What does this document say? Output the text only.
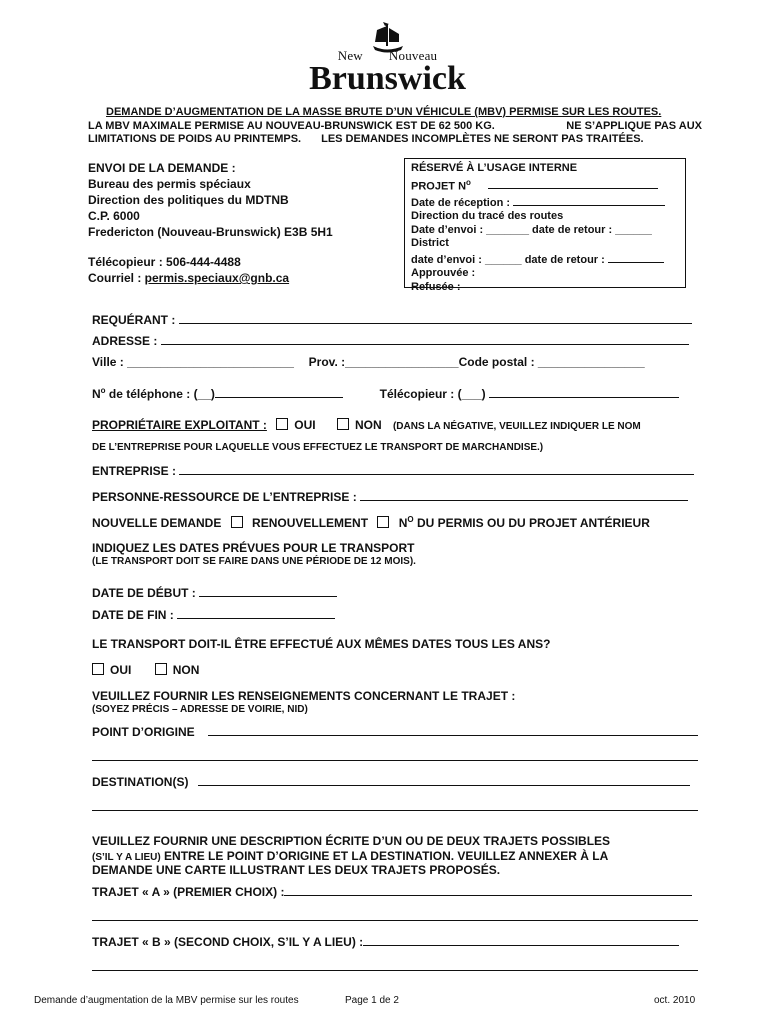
New Nouveau
Brunswick
DEMANDE D’AUGMENTATION DE LA MASSE BRUTE D’UN VÉHICULE (MBV) PERMISE SUR LES ROUTES.
LA MBV MAXIMALE PERMISE AU NOUVEAU-BRUNSWICK EST DE 62 500 KG.	NE S’APPLIQUE PAS AUX
LIMITATIONS DE POIDS AU PRINTEMPS. LES DEMANDES INCOMPLÈTES NE SERONT PAS TRAITÉES.
ENVOI DE LA DEMANDE :
Bureau des permis spéciaux
Direction des politiques du MDTNB
C.P. 6000
Fredericton (Nouveau-Brunswick) E3B 5H1
Télécopieur : 506-444-4488
Courriel : permis.speciaux@gnb.ca
RÉSERVÉ À L’USAGE INTERNE
PROJET $N^o$
Date de réception :
Direction du tracé des routes
Date d’envoi : _______ date de retour : ______
District
date d’envoi : ______ date de retour :
Approuvée :
Refusée :
REQUÉRANT :
ADRESSE :
Ville : _________________________ Prov. :_________________Code postal : ________________
$N^o$ de téléphone : (__)	Télécopieur : (___)
PROPRIÉTAIRE EXPLOITANT : OUI	NON (DANS LA NÉGATIVE, VEUILLEZ INDIQUER LE NOM
DE L’ENTREPRISE POUR LAQUELLE VOUS EFFECTUEZ LE TRANSPORT DE MARCHANDISE.)
ENTREPRISE :
PERSONNE-RESSOURCE DE L’ENTREPRISE :
NOUVELLE DEMANDE	RENOUVELLEMENT	$N^O$ DU PERMIS OU DU PROJET ANTÉRIEUR
INDIQUEZ LES DATES PRÉVUES POUR LE TRANSPORT
(LE TRANSPORT DOIT SE FAIRE DANS UNE PÉRIODE DE 12 MOIS).
DATE DE DÉBUT :
DATE DE FIN :
LE TRANSPORT DOIT-IL ÊTRE EFFECTUÉ AUX MÊMES DATES TOUS LES ANS?
OUI	NON
VEUILLEZ FOURNIR LES RENSEIGNEMENTS CONCERNANT LE TRAJET :
(SOYEZ PRÉCIS – ADRESSE DE VOIRIE, NID)
POINT D’ORIGINE
DESTINATION(S)
VEUILLEZ FOURNIR UNE DESCRIPTION ÉCRITE D’UN OU DE DEUX TRAJETS POSSIBLES
(S’IL Y A LIEU) ENTRE LE POINT D’ORIGINE ET LA DESTINATION. VEUILLEZ ANNEXER À LA
DEMANDE UNE CARTE ILLUSTRANT LES DEUX TRAJETS PROPOSÉS.
TRAJET « A » (PREMIER CHOIX) :
TRAJET « B » (SECOND CHOIX, S’IL Y A LIEU) :
Demande d’augmentation de la MBV permise sur les routes	Page 1 de 2	oct. 2010
